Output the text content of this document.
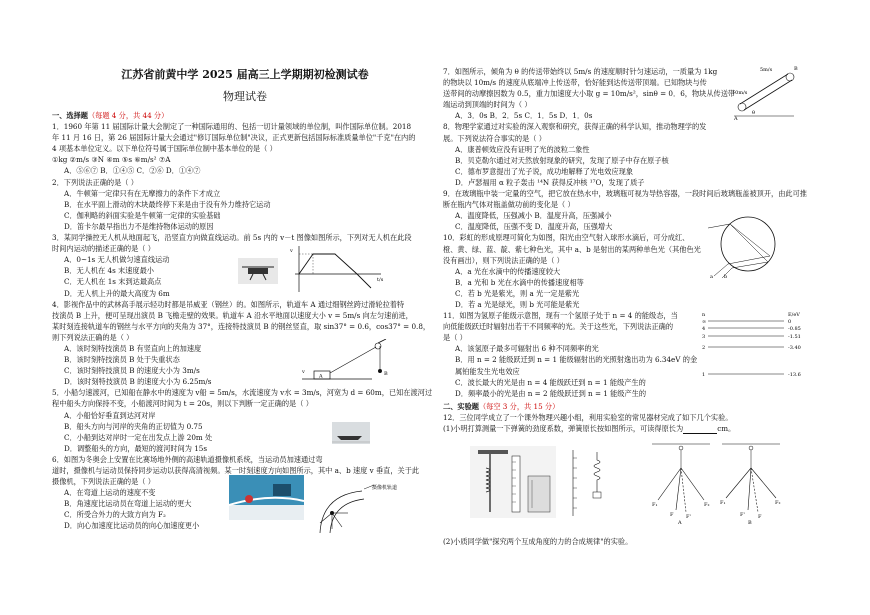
江苏省前黄中学 2025 届高三上学期期初检测试卷
物理试卷
一、选择题（每题 4 分，共 44 分）
1．1960 年第 11 届国际计量大会制定了一种国际通用的、包括一切计量领域的单位制，叫作国际单位制。2018
年 11 月 16 日，第 26 届国际计量大会通过"修订国际单位制"决议，正式更新包括国际标准质量单位"千克"在内的
4 项基本单位定义。以下单位符号属于国际单位制中基本单位的是（ ）
①kg ②m/s ③N ④m ⑤s ⑥m/s² ⑦A
A．⑤⑥⑦ B．①④⑤ C．②⑥ D．①④⑦
2．下列说法正确的是（ ）
A．牛顿第一定律只有在无摩擦力的条件下才成立
B．在水平面上滑动的木块最终停下来是由于没有外力维持它运动
C．伽利略的斜面实验是牛顿第一定律的实验基础
D．笛卡尔最早指出力不是维持物体运动的原因
3．某同学操控无人机从地面起飞，沿竖直方向做直线运动。前 5s 内的 v－t 图像如图所示，下列对无人机在此段
时间内运动的描述正确的是（ ）
A．0~1s 无人机做匀速直线运动
B．无人机在 4s 末速度最小
C．无人机在 1s 末到达最高点
D．无人机上升的最大高度为 6m
4．影视作品中的武林高手展示轻功时都是吊威亚（钢丝）的。如图所示，轨道车 A 通过细钢丝跨过滑轮拉着特
技演员 B 上升，便可呈现出演员 B 飞檐走壁的效果。轨道车 A 沿水平地面以速度大小 v = 5m/s 向左匀速前进，
某时刻连接轨道车的钢丝与水平方向的夹角为 37°，连接特技演员 B 的钢丝竖直，取 sin37° = 0.6，cos37° = 0.8，
则下列说法正确的是（ ）
A．该时刻特技演员 B 有竖直向上的加速度
B．该时刻特技演员 B 处于失重状态
C．该时刻特技演员 B 的速度大小为 3m/s
D．该时刻特技演员 B 的速度大小为 6.25m/s
5．小船匀速渡河，已知船在静水中的速度为 v船 = 5m/s，水流速度为 v水 = 3m/s，河宽为 d = 60m，已知在渡河过
程中船头方向保持不变，小船渡河时间为 t = 20s，则以下判断一定正确的是（ ）
A．小船恰好垂直到达河对岸
B．船头方向与河岸的夹角的正切值为 0.75
C．小船到达对岸时一定在出发点上游 20m 处
D．调整船头的方向，最短的渡河时间为 15s
6．如图为冬奥会上安置在比赛场地外侧的高速轨道摄像机系统，当运动员加速通过弯
道时，摄像机与运动员保持同步运动以获得高清视频。某一时刻速度方向如图所示，其中 a、b 速度 v 垂直，关于此
摄像机，下列说法正确的是（ ）
A．在弯道上运动的速度不变
B．角速度比运动员在弯道上运动的更大
C．所受合外力的大致方向为 F₂
D．向心加速度比运动员的向心加速度更小
v
t/s
A	B
v
摄像机轨道
7．如图所示，倾角为 θ 的传送带始终以 5m/s 的速度顺时针匀速运动，一质量为 1kg
的物块以 10m/s 的速度从底端冲上传送带，恰好能到达传送带顶端。已知物块与传
送带间的动摩擦因数为 0.5，重力加速度大小取 g = 10m/s²，sinθ = 0．6，物块从传送带
端运动到顶端的时间为（ ）
A．3．0s B．2．5s C．1．5s D．1．0s
8．物理学家通过对实验的深入观察和研究，获得正确的科学认知，推动物理学的发
展。下列说法符合事实的是（ ）
A．康普顿效应没有证明了光的波粒二象性
B．贝克勒尔通过对天然放射现象的研究，发现了原子中存在原子核
C．德布罗意提出了光子说，成功地解释了光电效应现象
D．卢瑟福用 α 粒子轰击 ¹⁴N 获得反冲核 ¹⁷O，发现了质子
9．在玻璃瓶中装一定量的空气，把它放在热水中，玻璃瓶可视为导热容器，一段时间后玻璃瓶盖被顶开，由此可推
断在瓶内气体对瓶盖做功前的变化是（ ）
A．温度降低，压强减小 B．温度升高，压强减小
C．温度降低，压强不变 D．温度升高，压强增大
10．彩虹的形成原理可简化为如图，阳光由空气射入球形水滴后，可分成红、
橙、黄、绿、蓝、靛、紫七种色光，其中 a、b 是射出的某两种单色光（其他色光
没有画出），则下列说法正确的是（ ）
A．a 光在水滴中的传播速度较大
B．a 光和 b 光在水滴中的传播速度相等
C．若 b 光是紫光，则 a 光一定是紫光
D．若 a 光是绿光，则 b 光可能是紫光
11．如图为氢原子能级示意图，现有一个氢原子处于 n = 4 的能级态，当
向低能级跃迁时辐射出若干不同频率的光。关于这些光，下列说法正确的
是（ ）
A．该氢原子最多可辐射出 6 种不同频率的光
B．用 n = 2 能级跃迁到 n = 1 能级辐射出的光照射逸出功为 6.34eV 的金
属铂能发生光电效应
C．波长最大的光是由 n = 4 能级跃迁到 n = 1 能级产生的
D．频率最小的光是由 n = 2 能级跃迁到 n = 1 能级产生的
二、实验题（每空 3 分，共 15 分）
12．三位同学成立了一个课外物理兴趣小组，利用实验室的常见器材完成了如下几个实验。
(1)小明打算测量一下弹簧的劲度系数，弹簧原长按如图所示，可读得原长为	cm。
5m/s
10m/s
θ
A
B
a b
n	E/eV
∞	0
4	-0.85
3	-1.51
2	-3.40
1	-13.6
F₁	F₂
F	F'
A
F₁	F₂
F'	F
B
(2)小质同学做"探究两个互成角度的力的合成规律"的实验。
